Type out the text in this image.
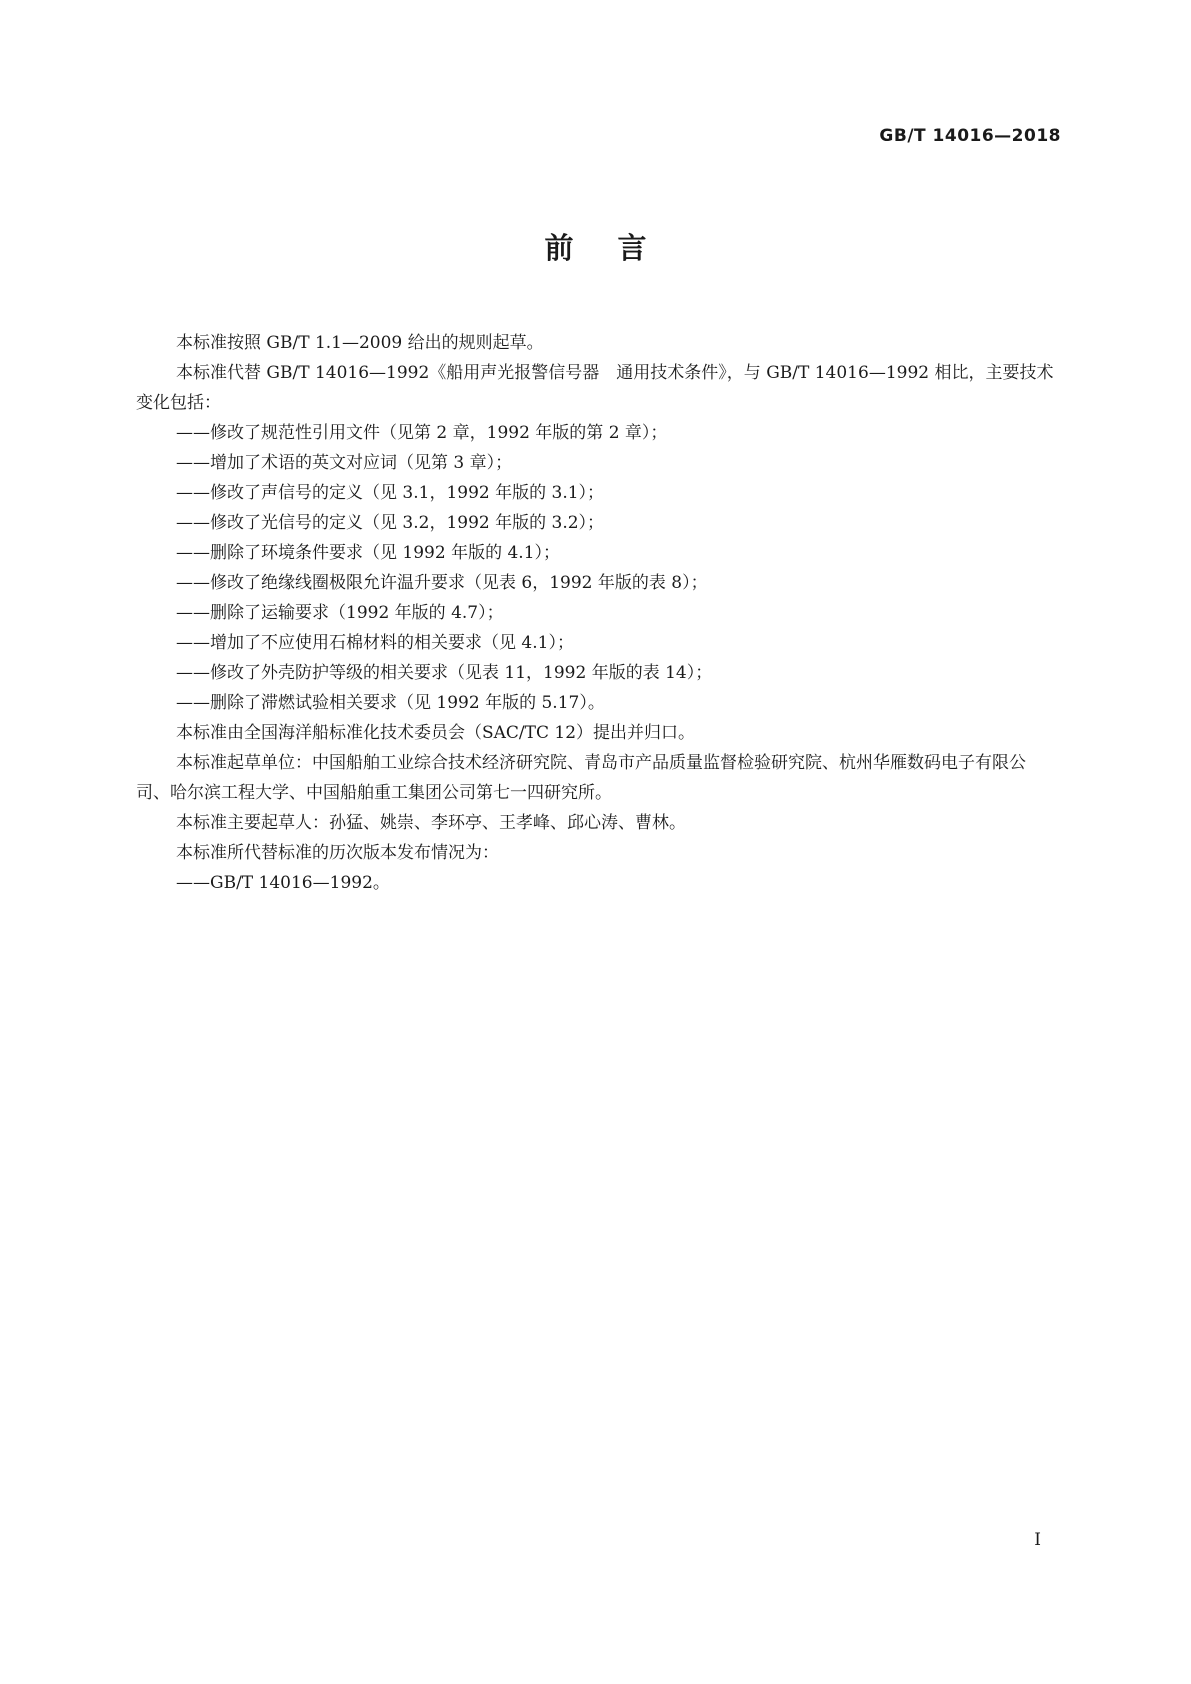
GB/T 14016—2018
前言

本标准按照 GB/T 1.1—2009 给出的规则起草。

本标准代替 GB/T 14016—1992《船用声光报警信号器　通用技术条件》，与 GB/T 14016—1992 相比，主要技术变化包括：

——修改了规范性引用文件（见第 2 章，1992 年版的第 2 章）；

——增加了术语的英文对应词（见第 3 章）；

——修改了声信号的定义（见 3.1，1992 年版的 3.1）；

——修改了光信号的定义（见 3.2，1992 年版的 3.2）；

——删除了环境条件要求（见 1992 年版的 4.1）；

——修改了绝缘线圈极限允许温升要求（见表 6，1992 年版的表 8）；

——删除了运输要求（1992 年版的 4.7）；

——增加了不应使用石棉材料的相关要求（见 4.1）；

——修改了外壳防护等级的相关要求（见表 11，1992 年版的表 14）；

——删除了滞燃试验相关要求（见 1992 年版的 5.17）。

本标准由全国海洋船标准化技术委员会（SAC/TC 12）提出并归口。

本标准起草单位：中国船舶工业综合技术经济研究院、青岛市产品质量监督检验研究院、杭州华雁数码电子有限公司、哈尔滨工程大学、中国船舶重工集团公司第七一四研究所。

本标准主要起草人：孙猛、姚崇、李环亭、王孝峰、邱心涛、曹林。

本标准所代替标准的历次版本发布情况为：

——GB/T 14016—1992。

I
